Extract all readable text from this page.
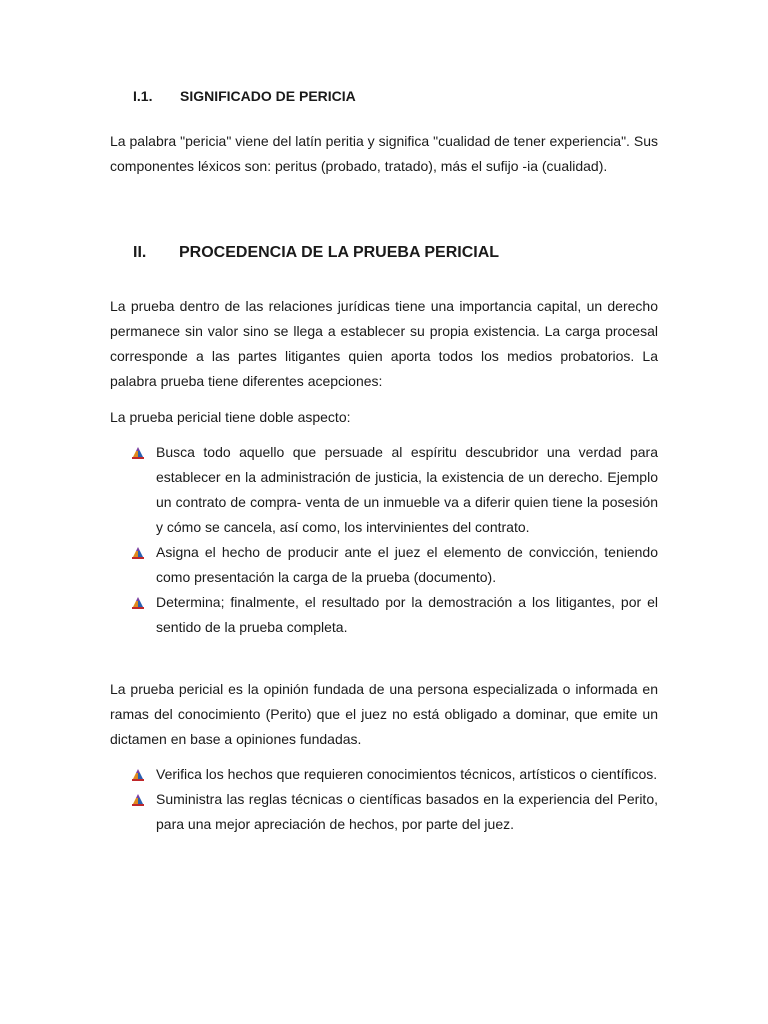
I.1.	SIGNIFICADO DE PERICIA

La palabra "pericia" viene del latín peritia y significa "cualidad de tener experiencia". Sus componentes léxicos son: peritus (probado, tratado), más el sufijo -ia (cualidad).

II.	PROCEDENCIA DE LA PRUEBA PERICIAL

La prueba dentro de las relaciones jurídicas tiene una importancia capital, un derecho permanece sin valor sino se llega a establecer su propia existencia. La carga procesal corresponde a las partes litigantes quien aporta todos los medios probatorios. La palabra prueba tiene diferentes acepciones:

La prueba pericial tiene doble aspecto:

Busca todo aquello que persuade al espíritu descubridor una verdad para establecer en la administración de justicia, la existencia de un derecho. Ejemplo un contrato de compra- venta de un inmueble va a diferir quien tiene la posesión y cómo se cancela, así como, los intervinientes del contrato.
Asigna el hecho de producir ante el juez el elemento de convicción, teniendo como presentación la carga de la prueba (documento).
Determina; finalmente, el resultado por la demostración a los litigantes, por el sentido de la prueba completa.

La prueba pericial es la opinión fundada de una persona especializada o informada en ramas del conocimiento (Perito) que el juez no está obligado a dominar, que emite un dictamen en base a opiniones fundadas.

Verifica los hechos que requieren conocimientos técnicos, artísticos o científicos.
Suministra las reglas técnicas o científicas basados en la experiencia del Perito, para una mejor apreciación de hechos, por parte del juez.
